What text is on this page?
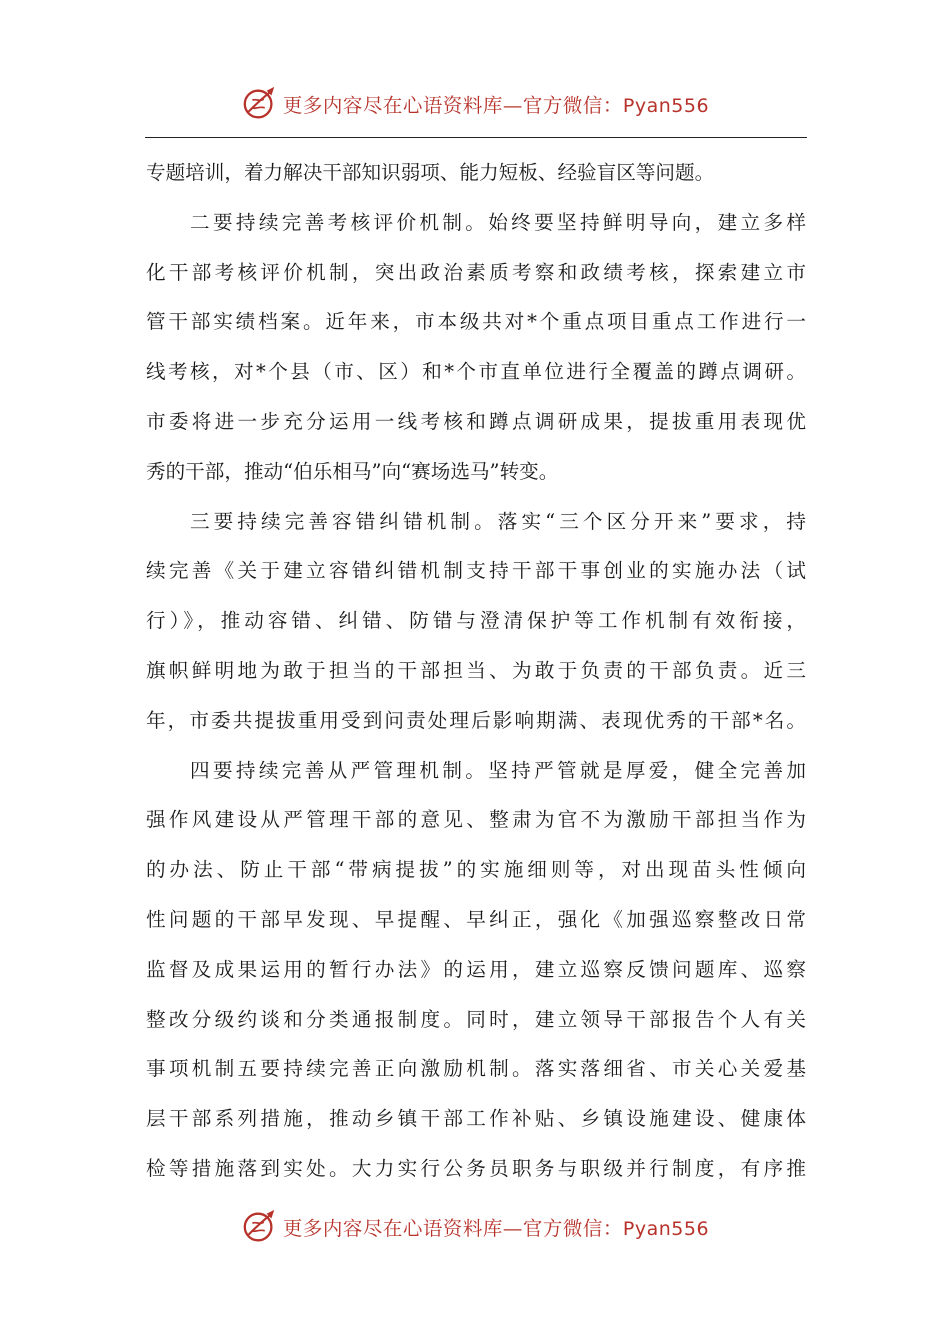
更多内容尽在心语资料库—官方微信：Pyan556
专题培训，着力解决干部知识弱项、能力短板、经验盲区等问题。
二要持续完善考核评价机制。始终要坚持鲜明导向，建立多样
化干部考核评价机制，突出政治素质考察和政绩考核，探索建立市
管干部实绩档案。近年来，市本级共对*个重点项目重点工作进行一
线考核，对*个县（市、区）和*个市直单位进行全覆盖的蹲点调研。
市委将进一步充分运用一线考核和蹲点调研成果，提拔重用表现优
秀的干部，推动“伯乐相马”向“赛场选马”转变。
三要持续完善容错纠错机制。落实“三个区分开来”要求，持
续完善《关于建立容错纠错机制支持干部干事创业的实施办法（试
行）》，推动容错、纠错、防错与澄清保护等工作机制有效衔接，
旗帜鲜明地为敢于担当的干部担当、为敢于负责的干部负责。近三
年，市委共提拔重用受到问责处理后影响期满、表现优秀的干部*名。
四要持续完善从严管理机制。坚持严管就是厚爱，健全完善加
强作风建设从严管理干部的意见、整肃为官不为激励干部担当作为
的办法、防止干部“带病提拔”的实施细则等，对出现苗头性倾向
性问题的干部早发现、早提醒、早纠正，强化《加强巡察整改日常
监督及成果运用的暂行办法》的运用，建立巡察反馈问题库、巡察
整改分级约谈和分类通报制度。同时，建立领导干部报告个人有关
事项机制五要持续完善正向激励机制。落实落细省、市关心关爱基
层干部系列措施，推动乡镇干部工作补贴、乡镇设施建设、健康体
检等措施落到实处。大力实行公务员职务与职级并行制度，有序推
更多内容尽在心语资料库—官方微信：Pyan556
